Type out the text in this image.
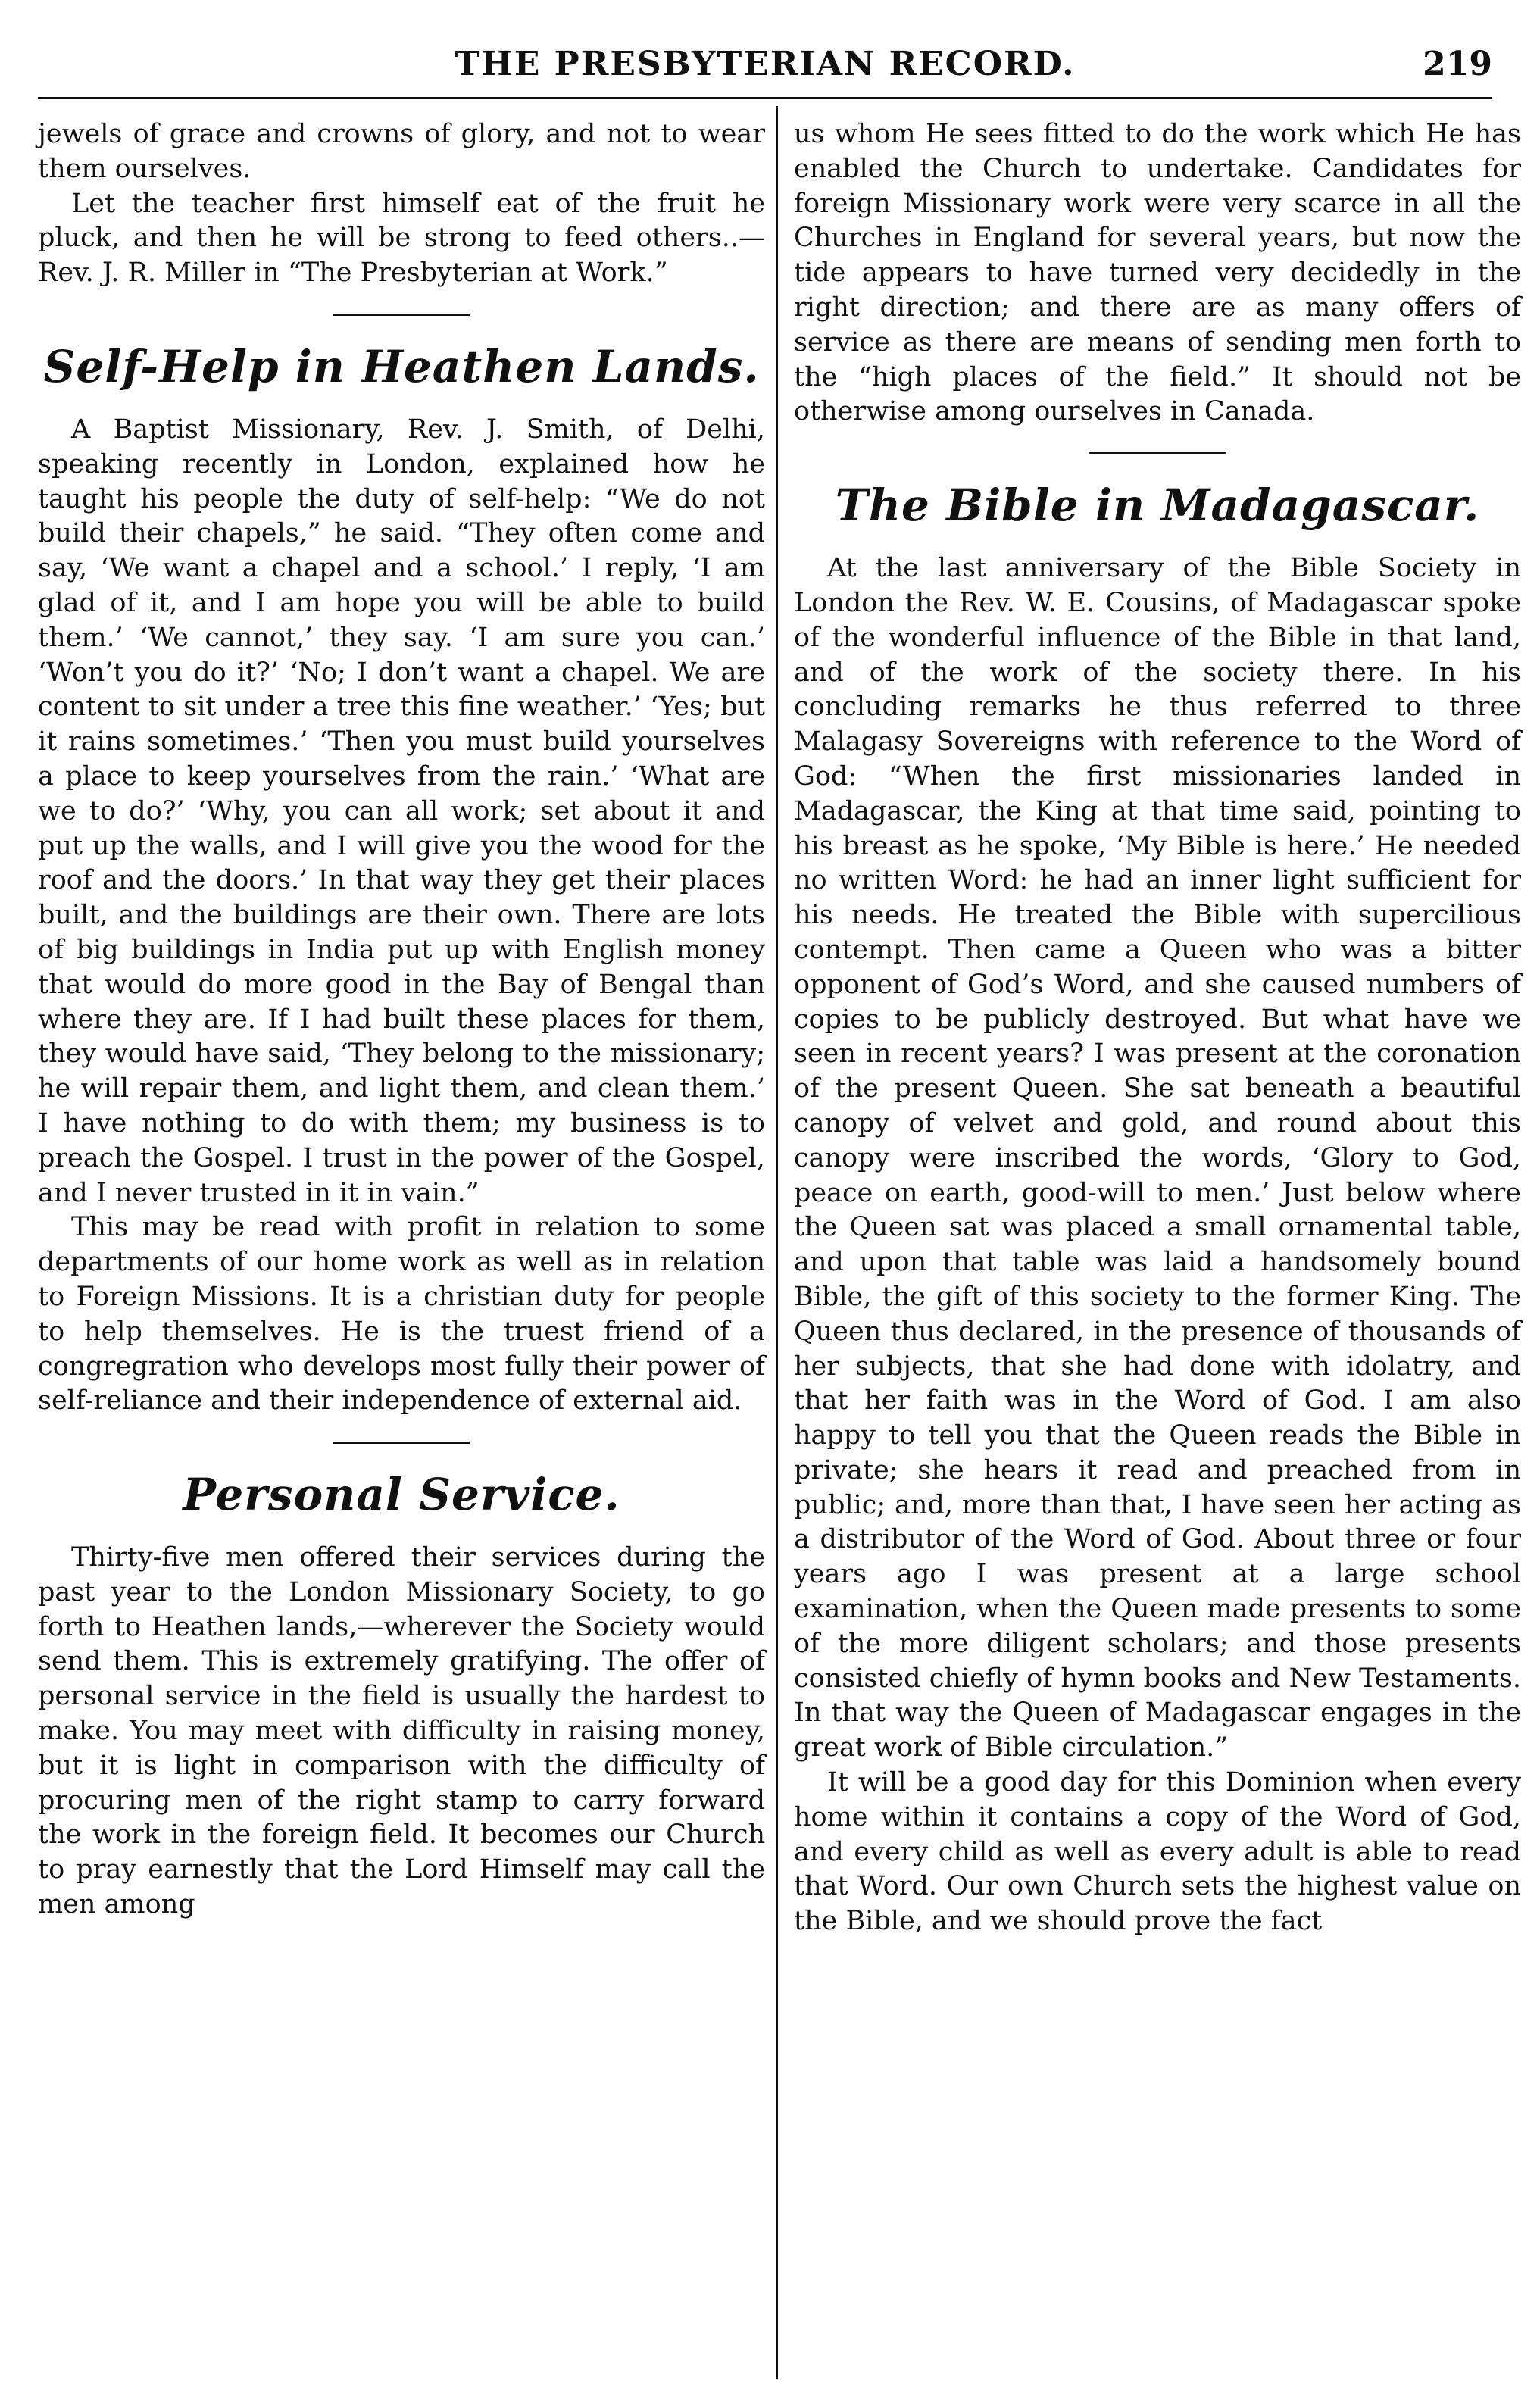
THE PRESBYTERIAN RECORD.	219

jewels of grace and crowns of glory, and not to wear them ourselves.

Let the teacher first himself eat of the fruit he pluck, and then he will be strong to feed others..—Rev. J. R. Miller in “The Presbyterian at Work.”

Self-Help in Heathen Lands.

A Baptist Missionary, Rev. J. Smith, of Delhi, speaking recently in London, explained how he taught his people the duty of self-help: “We do not build their chapels,” he said. “They often come and say, ‘We want a chapel and a school.’ I reply, ‘I am glad of it, and I am hope you will be able to build them.’ ‘We cannot,’ they say. ‘I am sure you can.’ ‘Won’t you do it?’ ‘No; I don’t want a chapel. We are content to sit under a tree this fine weather.’ ‘Yes; but it rains sometimes.’ ‘Then you must build yourselves a place to keep yourselves from the rain.’ ‘What are we to do?’ ‘Why, you can all work; set about it and put up the walls, and I will give you the wood for the roof and the doors.’ In that way they get their places built, and the buildings are their own. There are lots of big buildings in India put up with English money that would do more good in the Bay of Bengal than where they are. If I had built these places for them, they would have said, ‘They belong to the missionary; he will repair them, and light them, and clean them.’ I have nothing to do with them; my business is to preach the Gospel. I trust in the power of the Gospel, and I never trusted in it in vain.”

This may be read with profit in relation to some departments of our home work as well as in relation to Foreign Missions. It is a christian duty for people to help themselves. He is the truest friend of a congregration who develops most fully their power of self-reliance and their independence of external aid.

Personal Service.

Thirty-five men offered their services during the past year to the London Missionary Society, to go forth to Heathen lands,—wherever the Society would send them. This is extremely gratifying. The offer of personal service in the field is usually the hardest to make. You may meet with difficulty in raising money, but it is light in comparison with the difficulty of procuring men of the right stamp to carry forward the work in the foreign field. It becomes our Church to pray earnestly that the Lord Himself may call the men among

us whom He sees fitted to do the work which He has enabled the Church to undertake. Candidates for foreign Missionary work were very scarce in all the Churches in England for several years, but now the tide appears to have turned very decidedly in the right direction; and there are as many offers of service as there are means of sending men forth to the “high places of the field.” It should not be otherwise among ourselves in Canada.

The Bible in Madagascar.

At the last anniversary of the Bible Society in London the Rev. W. E. Cousins, of Madagascar spoke of the wonderful influence of the Bible in that land, and of the work of the society there. In his concluding remarks he thus referred to three Malagasy Sovereigns with reference to the Word of God: “When the first missionaries landed in Madagascar, the King at that time said, pointing to his breast as he spoke, ‘My Bible is here.’ He needed no written Word: he had an inner light sufficient for his needs. He treated the Bible with supercilious contempt. Then came a Queen who was a bitter opponent of God’s Word, and she caused numbers of copies to be publicly destroyed. But what have we seen in recent years? I was present at the coronation of the present Queen. She sat beneath a beautiful canopy of velvet and gold, and round about this canopy were inscribed the words, ‘Glory to God, peace on earth, good-will to men.’ Just below where the Queen sat was placed a small ornamental table, and upon that table was laid a handsomely bound Bible, the gift of this society to the former King. The Queen thus declared, in the presence of thousands of her subjects, that she had done with idolatry, and that her faith was in the Word of God. I am also happy to tell you that the Queen reads the Bible in private; she hears it read and preached from in public; and, more than that, I have seen her acting as a distributor of the Word of God. About three or four years ago I was present at a large school examination, when the Queen made presents to some of the more diligent scholars; and those presents consisted chiefly of hymn books and New Testaments. In that way the Queen of Madagascar engages in the great work of Bible circulation.”

It will be a good day for this Dominion when every home within it contains a copy of the Word of God, and every child as well as every adult is able to read that Word. Our own Church sets the highest value on the Bible, and we should prove the fact
